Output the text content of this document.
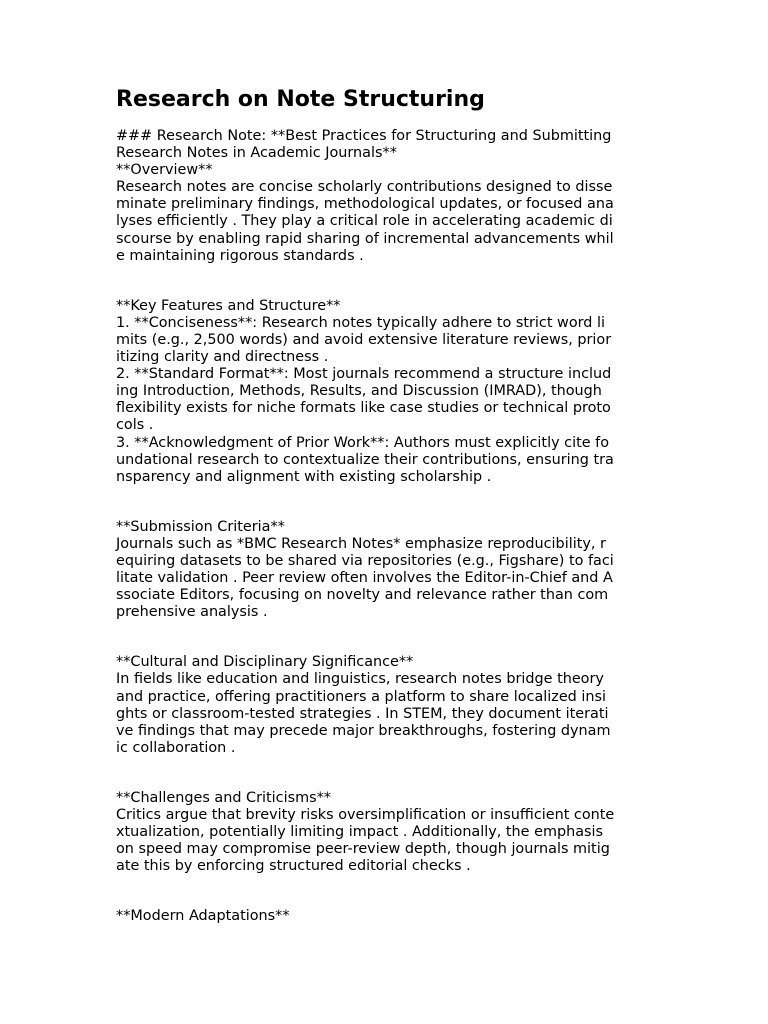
Research on Note Structuring
### Research Note: **Best Practices for Structuring and Submitting
Research Notes in Academic Journals**
**Overview**
Research notes are concise scholarly contributions designed to disse
minate preliminary findings, methodological updates, or focused ana
lyses efficiently . They play a critical role in accelerating academic di
scourse by enabling rapid sharing of incremental advancements whil
e maintaining rigorous standards .
**Key Features and Structure**
1. **Conciseness**: Research notes typically adhere to strict word li
mits (e.g., 2,500 words) and avoid extensive literature reviews, prior
itizing clarity and directness .
2. **Standard Format**: Most journals recommend a structure includ
ing Introduction, Methods, Results, and Discussion (IMRAD), though
flexibility exists for niche formats like case studies or technical proto
cols .
3. **Acknowledgment of Prior Work**: Authors must explicitly cite fo
undational research to contextualize their contributions, ensuring tra
nsparency and alignment with existing scholarship .
**Submission Criteria**
Journals such as *BMC Research Notes* emphasize reproducibility, r
equiring datasets to be shared via repositories (e.g., Figshare) to faci
litate validation . Peer review often involves the Editor-in-Chief and A
ssociate Editors, focusing on novelty and relevance rather than com
prehensive analysis .
**Cultural and Disciplinary Significance**
In fields like education and linguistics, research notes bridge theory
and practice, offering practitioners a platform to share localized insi
ghts or classroom-tested strategies . In STEM, they document iterati
ve findings that may precede major breakthroughs, fostering dynam
ic collaboration .
**Challenges and Criticisms**
Critics argue that brevity risks oversimplification or insufficient conte
xtualization, potentially limiting impact . Additionally, the emphasis
on speed may compromise peer-review depth, though journals mitig
ate this by enforcing structured editorial checks .
**Modern Adaptations**
